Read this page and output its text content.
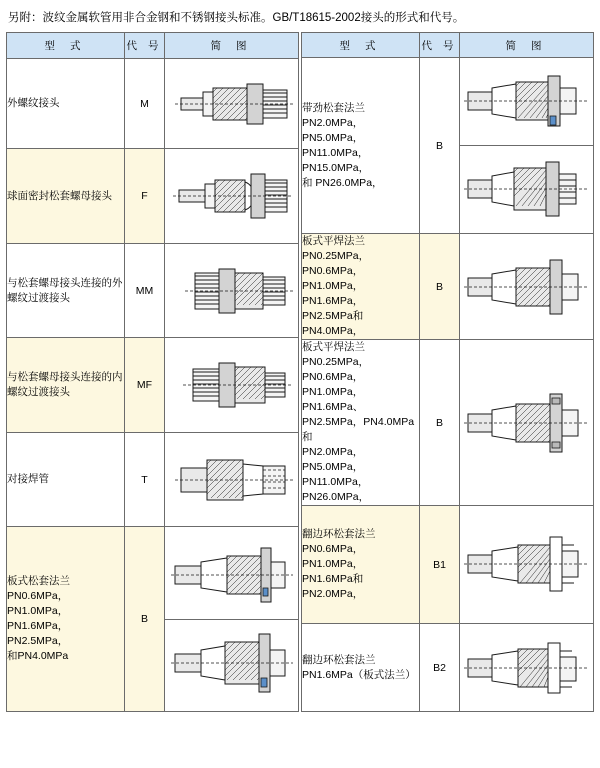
另附：波纹金属软管用非合金钢和不锈钢接头标准。GB/T18615-2002接头的形式和代号。
型 式	代 号	简 图
外螺纹接头	M	

球面密封松套螺母接头	F	

与松套螺母接头连接的外螺纹过渡接头	MM	

与松套螺母接头连接的内螺纹过渡接头	MF	

对接焊管	T	

板式松套法兰
PN0.6MPa，PN1.0MPa，
PN1.6MPa，PN2.5MPa，
和PN4.0MPa	B	
型 式	代 号	简 图

带劲松套法兰
PN2.0MPa，PN5.0MPa，
PN11.0MPa，PN15.0MPa，
和 PN26.0MPa，	B	

板式平焊法兰
PN0.25MPa，PN0.6MPa，
PN1.0MPa，PN1.6MPa，
PN2.5MPa和PN4.0MPa，	B	

板式平焊法兰
PN0.25MPa，PN0.6MPa，
PN1.0MPa，PN1.6MPa、
PN2.5MPa，PN4.0MPa和
PN2.0MPa，PN5.0MPa，
PN11.0MPa，PN26.0MPa，
	B	

翻边环松套法兰
PN0.6MPa，PN1.0MPa，
PN1.6MPa和PN2.0MPa，	B1	

翻边环松套法兰
PN1.6MPa（板式法兰）	B2	
